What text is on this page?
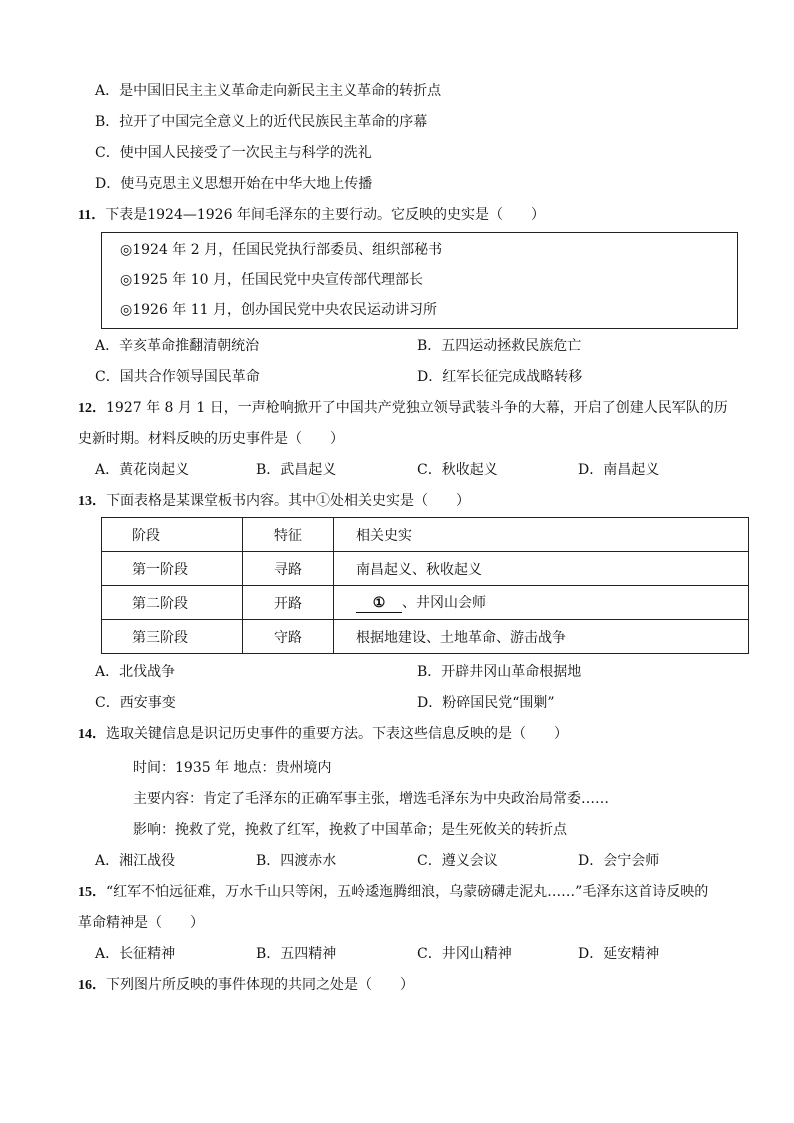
A．是中国旧民主主义革命走向新民主主义革命的转折点
B．拉开了中国完全意义上的近代民族民主革命的序幕
C．使中国人民接受了一次民主与科学的洗礼
D．使马克思主义思想开始在中华大地上传播
11．下表是1924—1926 年间毛泽东的主要行动。它反映的史实是（　　）
◎1924 年 2 月，任国民党执行部委员、组织部秘书
◎1925 年 10 月，任国民党中央宣传部代理部长
◎1926 年 11 月，创办国民党中央农民运动讲习所
A．辛亥革命推翻清朝统治	B．五四运动拯救民族危亡
C．国共合作领导国民革命	D．红军长征完成战略转移
12．1927 年 8 月 1 日，一声枪响掀开了中国共产党独立领导武装斗争的大幕，开启了创建人民军队的历
史新时期。材料反映的历史事件是（　　）
A．黄花岗起义	B．武昌起义	C．秋收起义	D．南昌起义
13．下面表格是某课堂板书内容。其中①处相关史实是（　　）
阶段	特征	相关史实
第一阶段	寻路	南昌起义、秋收起义
第二阶段	开路	① 、井冈山会师
第三阶段	守路	根据地建设、土地革命、游击战争
A．北伐战争	B．开辟井冈山革命根据地
C．西安事变	D．粉碎国民党“围剿”
14．选取关键信息是识记历史事件的重要方法。下表这些信息反映的是（　　）
时间：1935 年 地点：贵州境内
主要内容：肯定了毛泽东的正确军事主张，增选毛泽东为中央政治局常委……
影响：挽救了党，挽救了红军，挽救了中国革命；是生死攸关的转折点
A．湘江战役	B．四渡赤水	C．遵义会议	D．会宁会师
15．“红军不怕远征难，万水千山只等闲，五岭逶迤腾细浪，乌蒙磅礴走泥丸……”毛泽东这首诗反映的
革命精神是（　　）
A．长征精神	B．五四精神	C．井冈山精神	D．延安精神
16．下列图片所反映的事件体现的共同之处是（　　）
